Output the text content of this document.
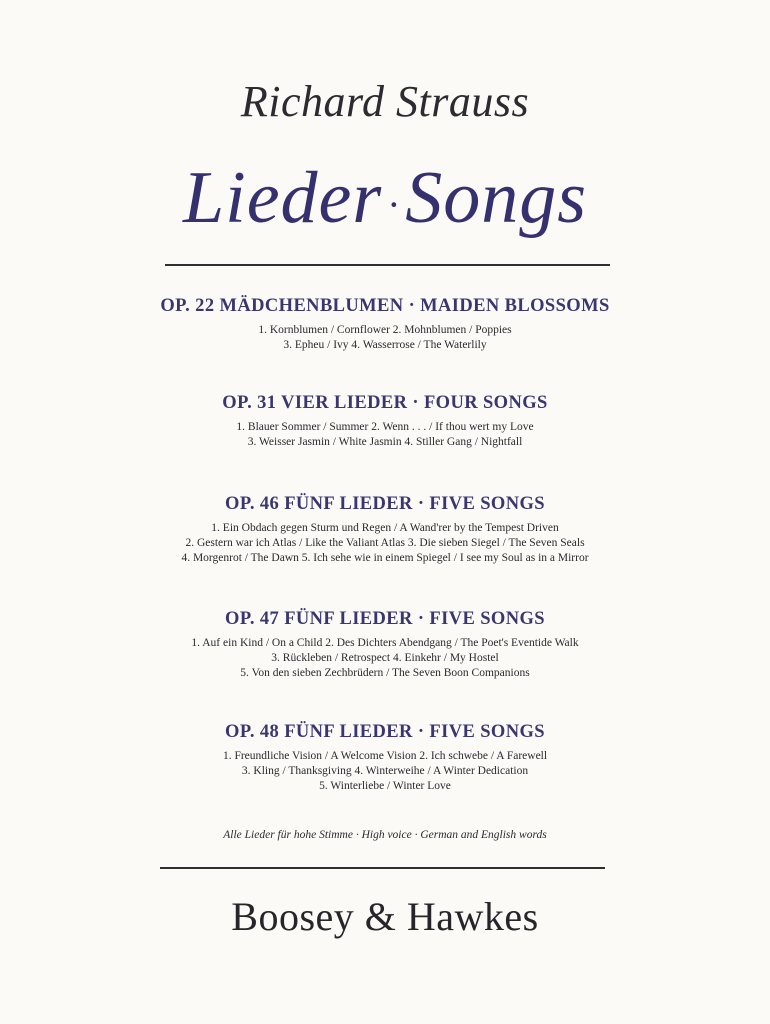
Richard Strauss
Lieder ·Songs
OP. 22 MÄDCHENBLUMEN · MAIDEN BLOSSOMS
1. Kornblumen / Cornflower 2. Mohnblumen / Poppies
3. Epheu / Ivy 4. Wasserrose / The Waterlily
OP. 31 VIER LIEDER · FOUR SONGS
1. Blauer Sommer / Summer 2. Wenn . . . / If thou wert my Love
3. Weisser Jasmin / White Jasmin 4. Stiller Gang / Nightfall
OP. 46 FÜNF LIEDER · FIVE SONGS
1. Ein Obdach gegen Sturm und Regen / A Wand'rer by the Tempest Driven
2. Gestern war ich Atlas / Like the Valiant Atlas 3. Die sieben Siegel / The Seven Seals
4. Morgenrot / The Dawn 5. Ich sehe wie in einem Spiegel / I see my Soul as in a Mirror
OP. 47 FÜNF LIEDER · FIVE SONGS
1. Auf ein Kind / On a Child 2. Des Dichters Abendgang / The Poet's Eventide Walk
3. Rückleben / Retrospect 4. Einkehr / My Hostel
5. Von den sieben Zechbrüdern / The Seven Boon Companions
OP. 48 FÜNF LIEDER · FIVE SONGS
1. Freundliche Vision / A Welcome Vision 2. Ich schwebe / A Farewell
3. Kling / Thanksgiving 4. Winterweihe / A Winter Dedication
5. Winterliebe / Winter Love
Alle Lieder für hohe Stimme · High voice · German and English words
Boosey & Hawkes
